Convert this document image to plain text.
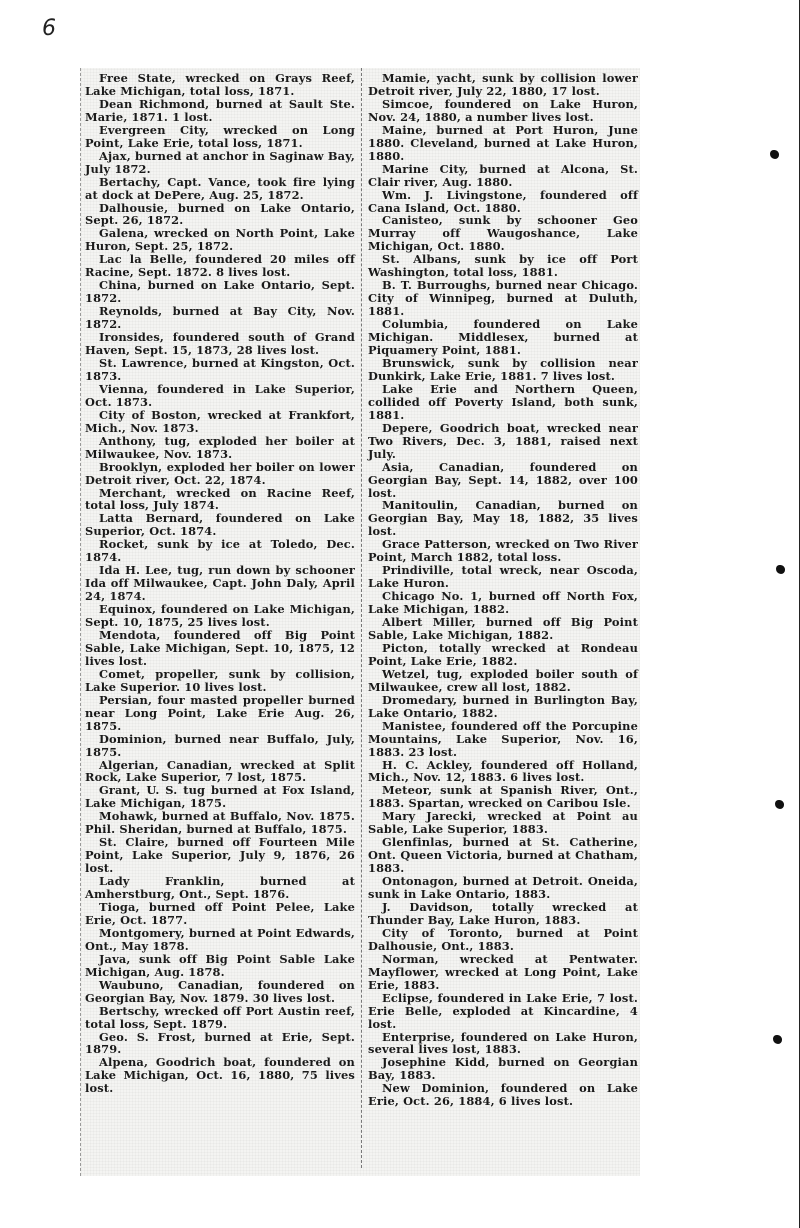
6

Free State, wrecked on Grays Reef, Lake Michigan, total loss, 1871.

Dean Richmond, burned at Sault Ste. Marie, 1871. 1 lost.

Evergreen City, wrecked on Long Point, Lake Erie, total loss, 1871.

Ajax, burned at anchor in Saginaw Bay, July 1872.

Bertachy, Capt. Vance, took fire lying at dock at DePere, Aug. 25, 1872.

Dalhousie, burned on Lake Ontario, Sept. 26, 1872.

Galena, wrecked on North Point, Lake Huron, Sept. 25, 1872.

Lac la Belle, foundered 20 miles off Racine, Sept. 1872. 8 lives lost.

China, burned on Lake Ontario, Sept. 1872.

Reynolds, burned at Bay City, Nov. 1872.

Ironsides, foundered south of Grand Haven, Sept. 15, 1873, 28 lives lost.

St. Lawrence, burned at Kingston, Oct. 1873.

Vienna, foundered in Lake Superior, Oct. 1873.

City of Boston, wrecked at Frankfort, Mich., Nov. 1873.

Anthony, tug, exploded her boiler at Milwaukee, Nov. 1873.

Brooklyn, exploded her boiler on lower Detroit river, Oct. 22, 1874.

Merchant, wrecked on Racine Reef, total loss, July 1874.

Latta Bernard, foundered on Lake Superior, Oct. 1874.

Rocket, sunk by ice at Toledo, Dec. 1874.

Ida H. Lee, tug, run down by schooner Ida off Milwaukee, Capt. John Daly, April 24, 1874.

Equinox, foundered on Lake Michigan, Sept. 10, 1875, 25 lives lost.

Mendota, foundered off Big Point Sable, Lake Michigan, Sept. 10, 1875, 12 lives lost.

Comet, propeller, sunk by collision, Lake Superior. 10 lives lost.

Persian, four masted propeller burned near Long Point, Lake Erie Aug. 26, 1875.

Dominion, burned near Buffalo, July, 1875.

Algerian, Canadian, wrecked at Split Rock, Lake Superior, 7 lost, 1875.

Grant, U. S. tug burned at Fox Island, Lake Michigan, 1875.

Mohawk, burned at Buffalo, Nov. 1875. Phil. Sheridan, burned at Buffalo, 1875.

St. Claire, burned off Fourteen Mile Point, Lake Superior, July 9, 1876, 26 lost.

Lady Franklin, burned at Amherstburg, Ont., Sept. 1876.

Tioga, burned off Point Pelee, Lake Erie, Oct. 1877.

Montgomery, burned at Point Edwards, Ont., May 1878.

Java, sunk off Big Point Sable Lake Michigan, Aug. 1878.

Waubuno, Canadian, foundered on Georgian Bay, Nov. 1879. 30 lives lost.

Bertschy, wrecked off Port Austin reef, total loss, Sept. 1879.

Geo. S. Frost, burned at Erie, Sept. 1879.

Alpena, Goodrich boat, foundered on Lake Michigan, Oct. 16, 1880, 75 lives lost.

Mamie, yacht, sunk by collision lower Detroit river, July 22, 1880, 17 lost.

Simcoe, foundered on Lake Huron, Nov. 24, 1880, a number lives lost.

Maine, burned at Port Huron, June 1880. Cleveland, burned at Lake Huron, 1880.

Marine City, burned at Alcona, St. Clair river, Aug. 1880.

Wm. J. Livingstone, foundered off Cana Island, Oct. 1880.

Canisteo, sunk by schooner Geo Murray off Waugoshance, Lake Michigan, Oct. 1880.

St. Albans, sunk by ice off Port Washington, total loss, 1881.

B. T. Burroughs, burned near Chicago. City of Winnipeg, burned at Duluth, 1881.

Columbia, foundered on Lake Michigan. Middlesex, burned at Piquamery Point, 1881.

Brunswick, sunk by collision near Dunkirk, Lake Erie, 1881. 7 lives lost.

Lake Erie and Northern Queen, collided off Poverty Island, both sunk, 1881.

Depere, Goodrich boat, wrecked near Two Rivers, Dec. 3, 1881, raised next July.

Asia, Canadian, foundered on Georgian Bay, Sept. 14, 1882, over 100 lost.

Manitoulin, Canadian, burned on Georgian Bay, May 18, 1882, 35 lives lost.

Grace Patterson, wrecked on Two River Point, March 1882, total loss.

Prindiville, total wreck, near Oscoda, Lake Huron.

Chicago No. 1, burned off North Fox, Lake Michigan, 1882.

Albert Miller, burned off Big Point Sable, Lake Michigan, 1882.

Picton, totally wrecked at Rondeau Point, Lake Erie, 1882.

Wetzel, tug, exploded boiler south of Milwaukee, crew all lost, 1882.

Dromedary, burned in Burlington Bay, Lake Ontario, 1882.

Manistee, foundered off the Porcupine Mountains, Lake Superior, Nov. 16, 1883. 23 lost.

H. C. Ackley, foundered off Holland, Mich., Nov. 12, 1883. 6 lives lost.

Meteor, sunk at Spanish River, Ont., 1883. Spartan, wrecked on Caribou Isle.

Mary Jarecki, wrecked at Point au Sable, Lake Superior, 1883.

Glenfinlas, burned at St. Catherine, Ont. Queen Victoria, burned at Chatham, 1883.

Ontonagon, burned at Detroit. Oneida, sunk in Lake Ontario, 1883.

J. Davidson, totally wrecked at Thunder Bay, Lake Huron, 1883.

City of Toronto, burned at Point Dalhousie, Ont., 1883.

Norman, wrecked at Pentwater. Mayflower, wrecked at Long Point, Lake Erie, 1883.

Eclipse, foundered in Lake Erie, 7 lost. Erie Belle, exploded at Kincardine, 4 lost.

Enterprise, foundered on Lake Huron, several lives lost, 1883.

Josephine Kidd, burned on Georgian Bay, 1883.

New Dominion, foundered on Lake Erie, Oct. 26, 1884, 6 lives lost.
